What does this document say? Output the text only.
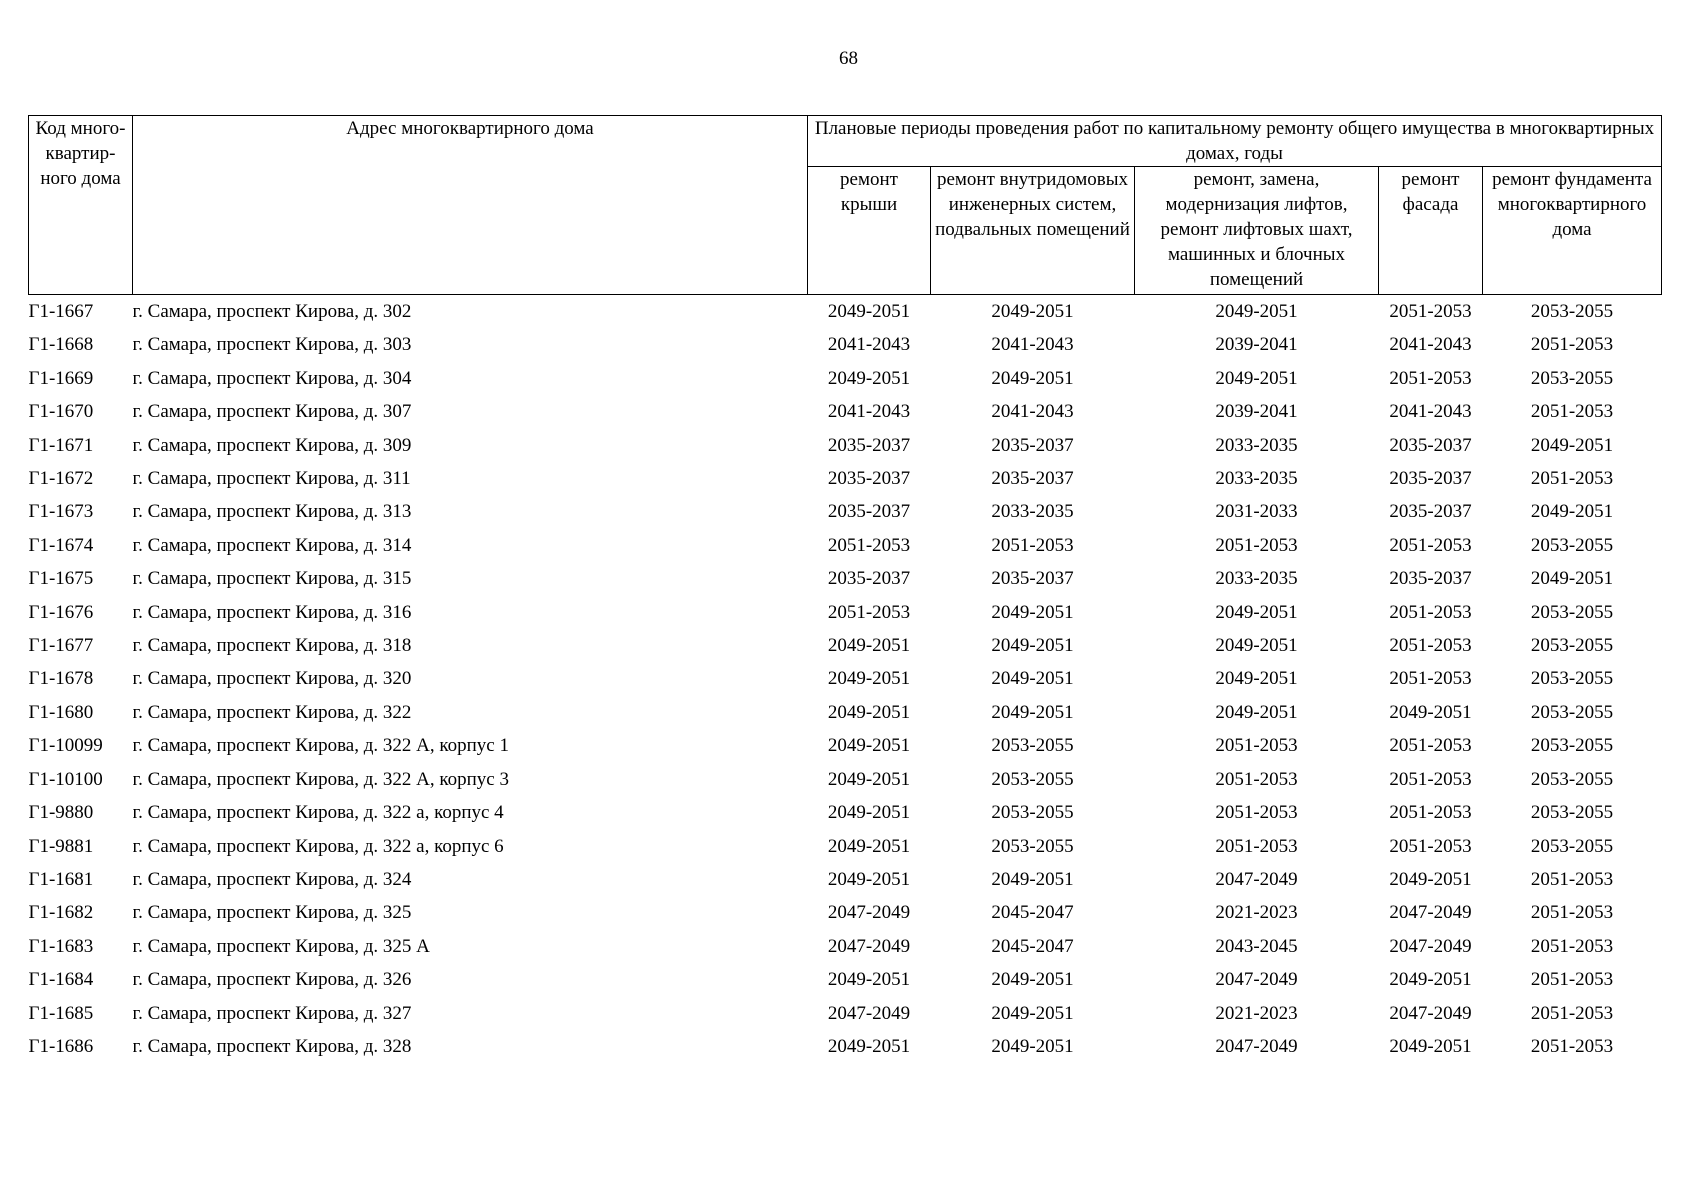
68
Код много-квартир-ного дома	Адрес многоквартирного дома	Плановые периоды проведения работ по капитальному ремонту общего имущества в многоквартирных домах, годы				
		ремонт крыши	ремонт внутридомовых инженерных систем, подвальных помещений	ремонт, замена, модернизация лифтов, ремонт лифтовых шахт, машинных и блочных помещений	ремонт фасада	ремонт фундамента многоквартирного дома
Г1-1667	г. Самара, проспект Кирова, д. 302	2049-2051	2049-2051	2049-2051	2051-2053	2053-2055
Г1-1668	г. Самара, проспект Кирова, д. 303	2041-2043	2041-2043	2039-2041	2041-2043	2051-2053
Г1-1669	г. Самара, проспект Кирова, д. 304	2049-2051	2049-2051	2049-2051	2051-2053	2053-2055
Г1-1670	г. Самара, проспект Кирова, д. 307	2041-2043	2041-2043	2039-2041	2041-2043	2051-2053
Г1-1671	г. Самара, проспект Кирова, д. 309	2035-2037	2035-2037	2033-2035	2035-2037	2049-2051
Г1-1672	г. Самара, проспект Кирова, д. 311	2035-2037	2035-2037	2033-2035	2035-2037	2051-2053
Г1-1673	г. Самара, проспект Кирова, д. 313	2035-2037	2033-2035	2031-2033	2035-2037	2049-2051
Г1-1674	г. Самара, проспект Кирова, д. 314	2051-2053	2051-2053	2051-2053	2051-2053	2053-2055
Г1-1675	г. Самара, проспект Кирова, д. 315	2035-2037	2035-2037	2033-2035	2035-2037	2049-2051
Г1-1676	г. Самара, проспект Кирова, д. 316	2051-2053	2049-2051	2049-2051	2051-2053	2053-2055
Г1-1677	г. Самара, проспект Кирова, д. 318	2049-2051	2049-2051	2049-2051	2051-2053	2053-2055
Г1-1678	г. Самара, проспект Кирова, д. 320	2049-2051	2049-2051	2049-2051	2051-2053	2053-2055
Г1-1680	г. Самара, проспект Кирова, д. 322	2049-2051	2049-2051	2049-2051	2049-2051	2053-2055
Г1-10099	г. Самара, проспект Кирова, д. 322 А, корпус 1	2049-2051	2053-2055	2051-2053	2051-2053	2053-2055
Г1-10100	г. Самара, проспект Кирова, д. 322 А, корпус 3	2049-2051	2053-2055	2051-2053	2051-2053	2053-2055
Г1-9880	г. Самара, проспект Кирова, д. 322 а, корпус 4	2049-2051	2053-2055	2051-2053	2051-2053	2053-2055
Г1-9881	г. Самара, проспект Кирова, д. 322 а, корпус 6	2049-2051	2053-2055	2051-2053	2051-2053	2053-2055
Г1-1681	г. Самара, проспект Кирова, д. 324	2049-2051	2049-2051	2047-2049	2049-2051	2051-2053
Г1-1682	г. Самара, проспект Кирова, д. 325	2047-2049	2045-2047	2021-2023	2047-2049	2051-2053
Г1-1683	г. Самара, проспект Кирова, д. 325 А	2047-2049	2045-2047	2043-2045	2047-2049	2051-2053
Г1-1684	г. Самара, проспект Кирова, д. 326	2049-2051	2049-2051	2047-2049	2049-2051	2051-2053
Г1-1685	г. Самара, проспект Кирова, д. 327	2047-2049	2049-2051	2021-2023	2047-2049	2051-2053
Г1-1686	г. Самара, проспект Кирова, д. 328	2049-2051	2049-2051	2047-2049	2049-2051	2051-2053
